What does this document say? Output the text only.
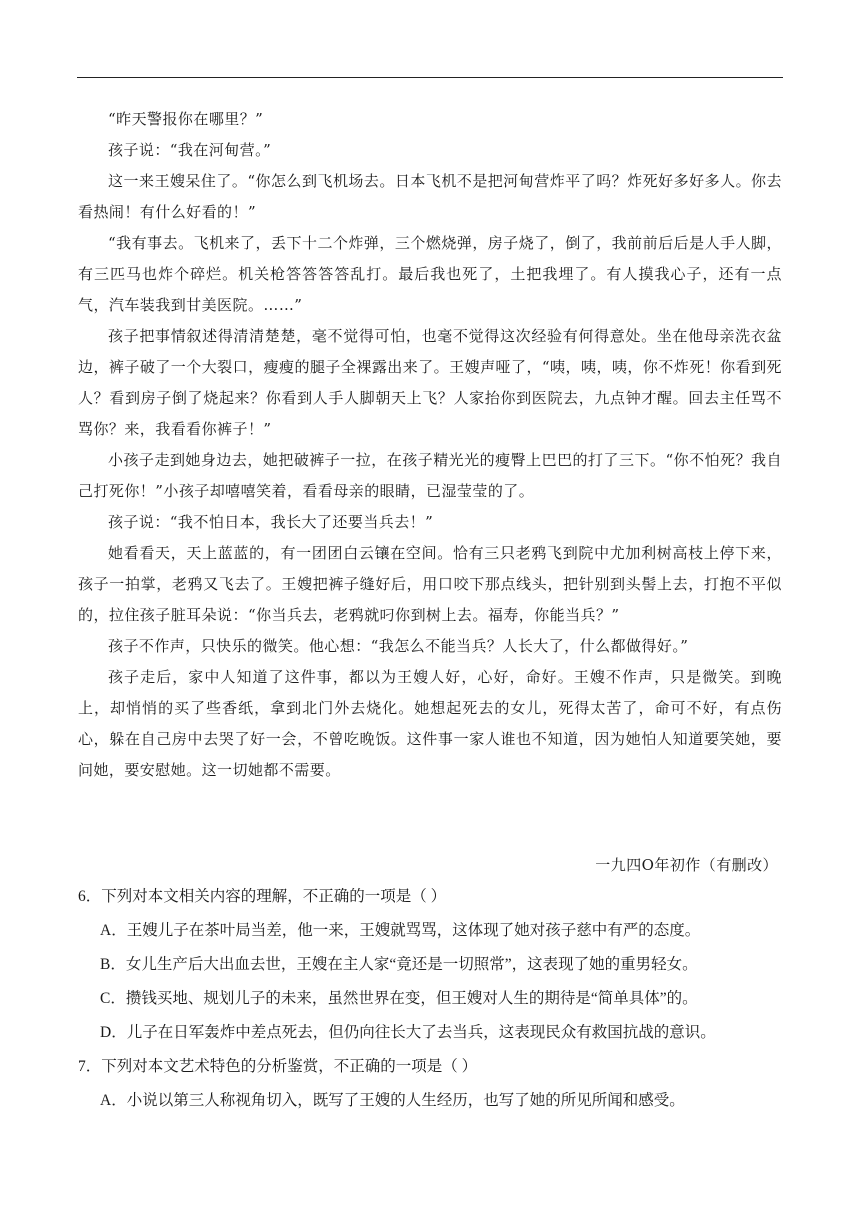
“昨天警报你在哪里？”

孩子说：“我在河甸营。”

这一来王嫂呆住了。“你怎么到飞机场去。日本飞机不是把河甸营炸平了吗？炸死好多好多人。你去看热闹！有什么好看的！”

“我有事去。飞机来了，丢下十二个炸弹，三个燃烧弹，房子烧了，倒了，我前前后后是人手人脚，有三匹马也炸个碎烂。机关枪答答答答乱打。最后我也死了，土把我埋了。有人摸我心子，还有一点气，汽车装我到甘美医院。……”

孩子把事情叙述得清清楚楚，毫不觉得可怕，也毫不觉得这次经验有何得意处。坐在他母亲洗衣盆边，裤子破了一个大裂口，瘦瘦的腿子全裸露出来了。王嫂声哑了，“咦，咦，咦，你不炸死！你看到死人？看到房子倒了烧起来？你看到人手人脚朝天上飞？人家抬你到医院去，九点钟才醒。回去主任骂不骂你？来，我看看你裤子！”

小孩子走到她身边去，她把破裤子一拉，在孩子精光光的瘦臀上巴巴的打了三下。“你不怕死？我自己打死你！”小孩子却嘻嘻笑着，看看母亲的眼睛，已湿莹莹的了。

孩子说：“我不怕日本，我长大了还要当兵去！”

她看看天，天上蓝蓝的，有一团团白云镶在空间。恰有三只老鸦飞到院中尤加利树高枝上停下来，孩子一拍掌，老鸦又飞去了。王嫂把裤子缝好后，用口咬下那点线头，把针别到头髻上去，打抱不平似的，拉住孩子脏耳朵说：“你当兵去，老鸦就叼你到树上去。福寿，你能当兵？”

孩子不作声，只快乐的微笑。他心想：“我怎么不能当兵？人长大了，什么都做得好。”

孩子走后，家中人知道了这件事，都以为王嫂人好，心好，命好。王嫂不作声，只是微笑。到晚上，却悄悄的买了些香纸，拿到北门外去烧化。她想起死去的女儿，死得太苦了，命可不好，有点伤心，躲在自己房中去哭了好一会，不曾吃晚饭。这件事一家人谁也不知道，因为她怕人知道要笑她，要问她，要安慰她。这一切她都不需要。

一九四O年初作（有删改）

6．下列对本文相关内容的理解，不正确的一项是（ ）

A．王嫂儿子在茶叶局当差，他一来，王嫂就骂骂，这体现了她对孩子慈中有严的态度。

B．女儿生产后大出血去世，王嫂在主人家“竟还是一切照常”，这表现了她的重男轻女。

C．攒钱买地、规划儿子的未来，虽然世界在变，但王嫂对人生的期待是“简单具体”的。

D．儿子在日军轰炸中差点死去，但仍向往长大了去当兵，这表现民众有救国抗战的意识。

7．下列对本文艺术特色的分析鉴赏，不正确的一项是（ ）

A．小说以第三人称视角切入，既写了王嫂的人生经历，也写了她的所见所闻和感受。
